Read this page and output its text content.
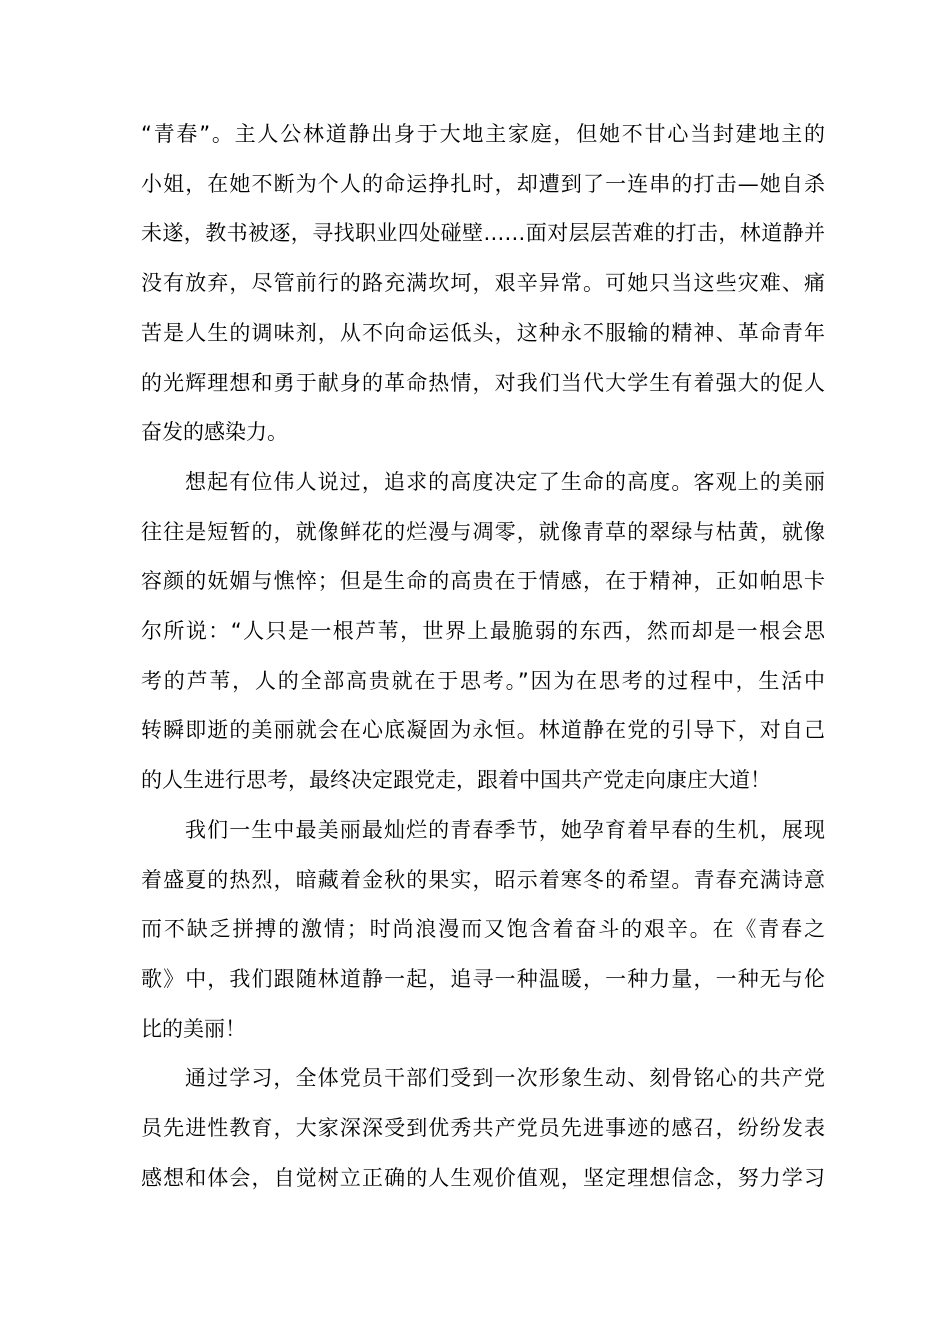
“青春”。主人公林道静出身于大地主家庭，但她不甘心当封建地主的
小姐，在她不断为个人的命运挣扎时，却遭到了一连串的打击—她自杀
未遂，教书被逐，寻找职业四处碰壁……面对层层苦难的打击，林道静并
没有放弃，尽管前行的路充满坎坷，艰辛异常。可她只当这些灾难、痛
苦是人生的调味剂，从不向命运低头，这种永不服输的精神、革命青年
的光辉理想和勇于献身的革命热情，对我们当代大学生有着强大的促人
奋发的感染力。
想起有位伟人说过，追求的高度决定了生命的高度。客观上的美丽
往往是短暂的，就像鲜花的烂漫与凋零，就像青草的翠绿与枯黄，就像
容颜的妩媚与憔悴；但是生命的高贵在于情感，在于精神，正如帕思卡
尔所说：“人只是一根芦苇，世界上最脆弱的东西，然而却是一根会思
考的芦苇，人的全部高贵就在于思考。”因为在思考的过程中，生活中
转瞬即逝的美丽就会在心底凝固为永恒。林道静在党的引导下，对自己
的人生进行思考，最终决定跟党走，跟着中国共产党走向康庄大道！
我们一生中最美丽最灿烂的青春季节，她孕育着早春的生机，展现
着盛夏的热烈，暗藏着金秋的果实，昭示着寒冬的希望。青春充满诗意
而不缺乏拼搏的激情；时尚浪漫而又饱含着奋斗的艰辛。在《青春之
歌》中，我们跟随林道静一起，追寻一种温暖，一种力量，一种无与伦
比的美丽！
通过学习，全体党员干部们受到一次形象生动、刻骨铭心的共产党
员先进性教育，大家深深受到优秀共产党员先进事迹的感召，纷纷发表
感想和体会，自觉树立正确的人生观价值观，坚定理想信念，努力学习
